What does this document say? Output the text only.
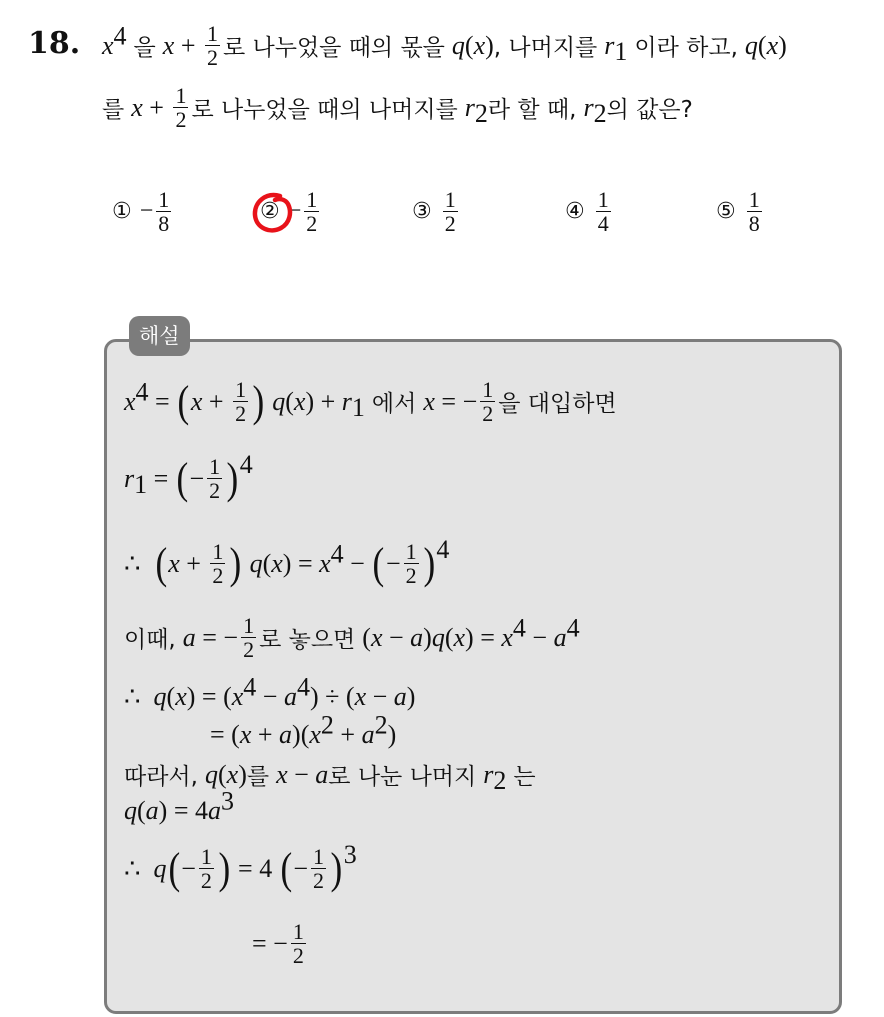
18. $x^4$ 을 $x + \frac{1}{2}$ 로 나누었을 때의 몫을 q ( x ) , 나머지를 $r_1$ 이라 하고, q ( x )
를 $x + \frac{1}{2}$ 로 나누었을 때의 나머지를 $r_2$ 라 할 때, $r_2$ 의 값은?
① − $\frac{1}{8}$	② − $\frac{1}{2}$	③ $\frac{1}{2}$	④ $\frac{1}{4}$	⑤ $\frac{1}{8}$
해설
$x^4$ = ( $x + \frac{1}{2}$ ) q ( x ) + $r_1$ 에서 x = − $\frac{1}{2}$ 을 대입하면
$r_1$ = ( − $\frac{1}{2} )^4$
∴ ( $x + \frac{1}{2}$ ) q ( x ) = $x^4$ − ( − $\frac{1}{2} )^4$
이때, a = − $\frac{1}{2}$ 로 놓으면 ( x − a ) q ( x ) = $x^4 - a^4$
∴ q ( x ) = ( $x^4 - a^4$ ) ÷ ( x − a )
= ( x + a )( $x^2 + a^2$ )
따라서, q ( x ) 를 x − a 로 나눈 나머지 $r_2$ 는
q ( a ) = 4 $a^3$
∴ q ( − $\frac{1}{2}$ ) = 4 ( − $\frac{1}{2} )^3$
= − $\frac{1}{2}$
